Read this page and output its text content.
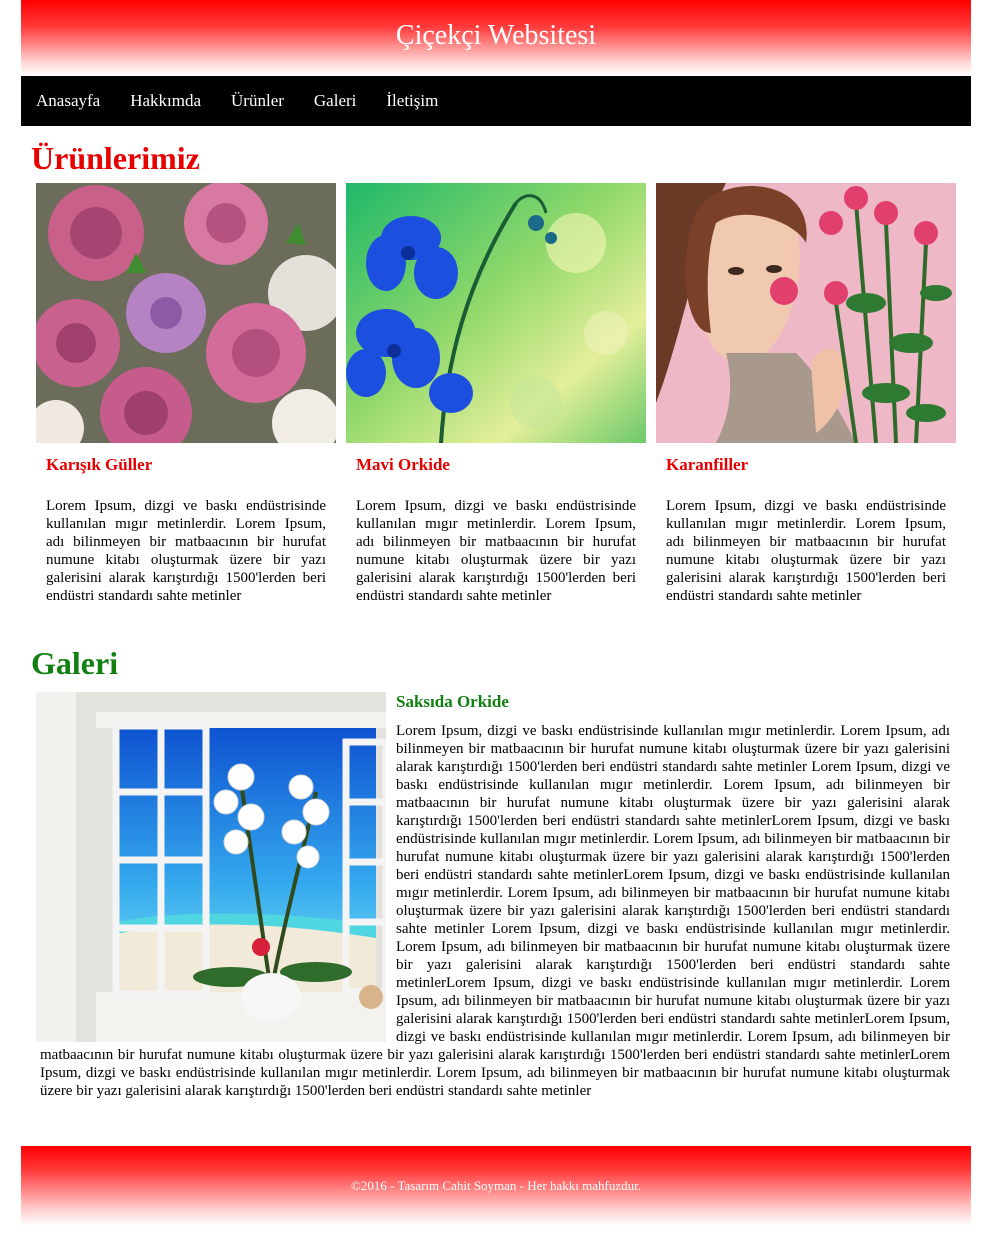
Çiçekçi Websitesi
Anasayfa Hakkımda Ürünler Galeri İletişim
Ürünlerimiz
Karışık Güller

Lorem Ipsum, dizgi ve baskı endüstrisinde kullanılan mıgır metinlerdir. Lorem Ipsum, adı bilinmeyen bir matbaacının bir hurufat numune kitabı oluşturmak üzere bir yazı galerisini alarak karıştırdığı 1500'lerden beri endüstri standardı sahte metinler

Mavi Orkide

Lorem Ipsum, dizgi ve baskı endüstrisinde kullanılan mıgır metinlerdir. Lorem Ipsum, adı bilinmeyen bir matbaacının bir hurufat numune kitabı oluşturmak üzere bir yazı galerisini alarak karıştırdığı 1500'lerden beri endüstri standardı sahte metinler

Karanfiller

Lorem Ipsum, dizgi ve baskı endüstrisinde kullanılan mıgır metinlerdir. Lorem Ipsum, adı bilinmeyen bir matbaacının bir hurufat numune kitabı oluşturmak üzere bir yazı galerisini alarak karıştırdığı 1500'lerden beri endüstri standardı sahte metinler

Galeri
Saksıda Orkide

Lorem Ipsum, dizgi ve baskı endüstrisinde kullanılan mıgır metinlerdir. Lorem Ipsum, adı bilinmeyen bir matbaacının bir hurufat numune kitabı oluşturmak üzere bir yazı galerisini alarak karıştırdığı 1500'lerden beri endüstri standardı sahte metinler Lorem Ipsum, dizgi ve baskı endüstrisinde kullanılan mıgır metinlerdir. Lorem Ipsum, adı bilinmeyen bir matbaacının bir hurufat numune kitabı oluşturmak üzere bir yazı galerisini alarak karıştırdığı 1500'lerden beri endüstri standardı sahte metinlerLorem Ipsum, dizgi ve baskı endüstrisinde kullanılan mıgır metinlerdir. Lorem Ipsum, adı bilinmeyen bir matbaacının bir hurufat numune kitabı oluşturmak üzere bir yazı galerisini alarak karıştırdığı 1500'lerden beri endüstri standardı sahte metinlerLorem Ipsum, dizgi ve baskı endüstrisinde kullanılan mıgır metinlerdir. Lorem Ipsum, adı bilinmeyen bir matbaacının bir hurufat numune kitabı oluşturmak üzere bir yazı galerisini alarak karıştırdığı 1500'lerden beri endüstri standardı sahte metinler Lorem Ipsum, dizgi ve baskı endüstrisinde kullanılan mıgır metinlerdir. Lorem Ipsum, adı bilinmeyen bir matbaacının bir hurufat numune kitabı oluşturmak üzere bir yazı galerisini alarak karıştırdığı 1500'lerden beri endüstri standardı sahte metinlerLorem Ipsum, dizgi ve baskı endüstrisinde kullanılan mıgır metinlerdir. Lorem Ipsum, adı bilinmeyen bir matbaacının bir hurufat numune kitabı oluşturmak üzere bir yazı galerisini alarak karıştırdığı 1500'lerden beri endüstri standardı sahte metinlerLorem Ipsum, dizgi ve baskı endüstrisinde kullanılan mıgır metinlerdir. Lorem Ipsum, adı bilinmeyen bir matbaacının bir hurufat numune kitabı oluşturmak üzere bir yazı galerisini alarak karıştırdığı 1500'lerden beri endüstri standardı sahte metinlerLorem Ipsum, dizgi ve baskı endüstrisinde kullanılan mıgır metinlerdir. Lorem Ipsum, adı bilinmeyen bir matbaacının bir hurufat numune kitabı oluşturmak üzere bir yazı galerisini alarak karıştırdığı 1500'lerden beri endüstri standardı sahte metinler

©2016 - Tasarım Cahit Soyman - Her hakkı mahfuzdur.
